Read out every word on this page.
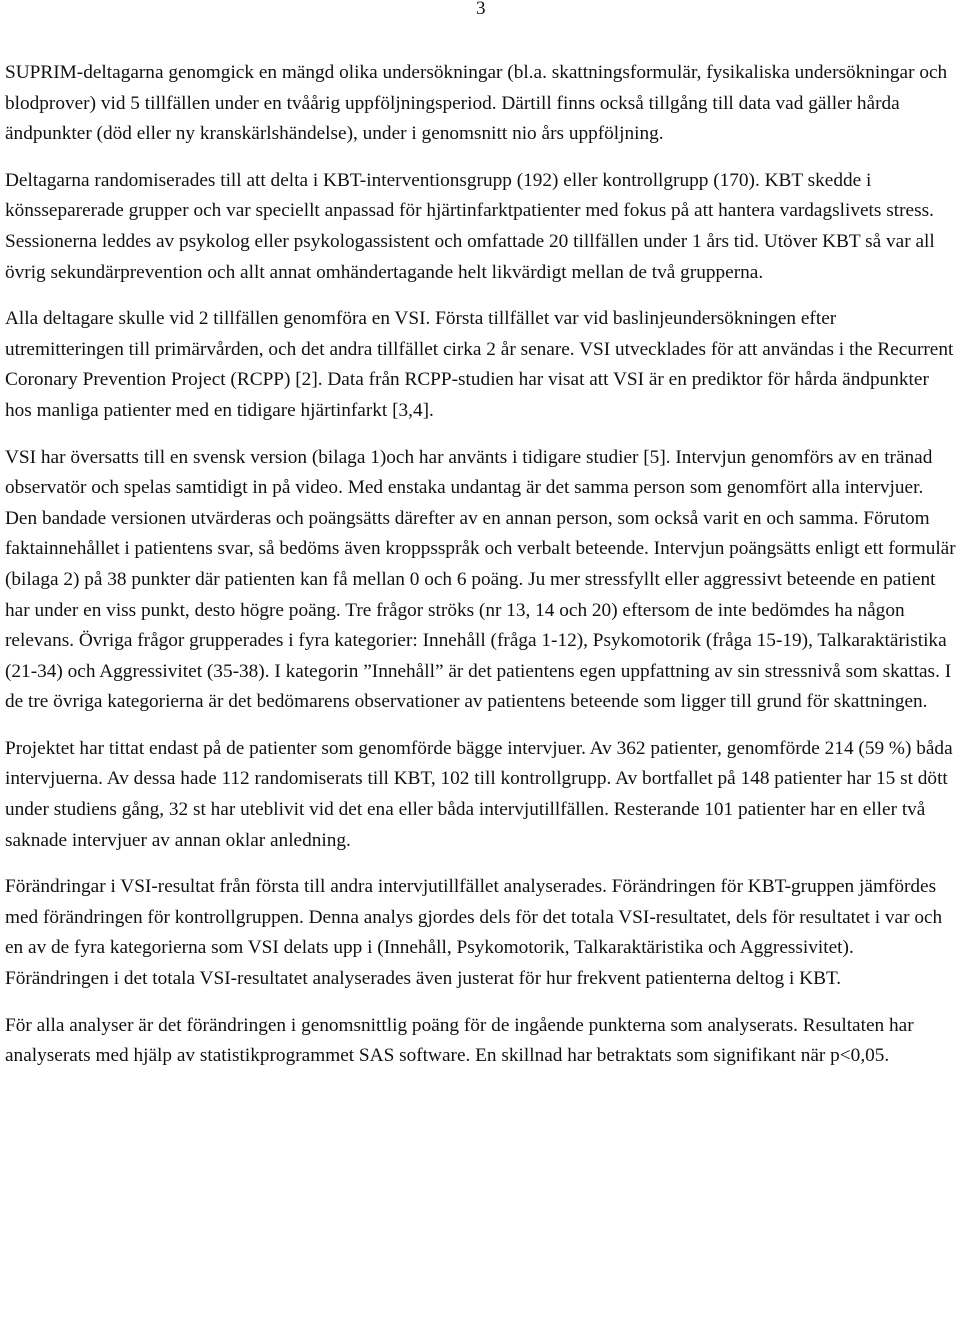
3

SUPRIM-deltagarna genomgick en mängd olika undersökningar (bl.a. skattningsformulär, fysikaliska undersökningar och blodprover) vid 5 tillfällen under en tvåårig uppföljningsperiod. Därtill finns också tillgång till data vad gäller hårda ändpunkter (död eller ny kranskärlshändelse), under i genomsnitt nio års uppföljning.

Deltagarna randomiserades till att delta i KBT-interventionsgrupp (192) eller kontrollgrupp (170). KBT skedde i könsseparerade grupper och var speciellt anpassad för hjärtinfarktpatienter med fokus på att hantera vardagslivets stress. Sessionerna leddes av psykolog eller psykologassistent och omfattade 20 tillfällen under 1 års tid. Utöver KBT så var all övrig sekundärprevention och allt annat omhändertagande helt likvärdigt mellan de två grupperna.

Alla deltagare skulle vid 2 tillfällen genomföra en VSI. Första tillfället var vid baslinjeundersökningen efter utremitteringen till primärvården, och det andra tillfället cirka 2 år senare. VSI utvecklades för att användas i the Recurrent Coronary Prevention Project (RCPP) [2]. Data från RCPP-studien har visat att VSI är en prediktor för hårda ändpunkter hos manliga patienter med en tidigare hjärtinfarkt [3,4].

VSI har översatts till en svensk version (bilaga 1)och har använts i tidigare studier [5]. Intervjun genomförs av en tränad observatör och spelas samtidigt in på video. Med enstaka undantag är det samma person som genomfört alla intervjuer. Den bandade versionen utvärderas och poängsätts därefter av en annan person, som också varit en och samma. Förutom faktainnehållet i patientens svar, så bedöms även kroppsspråk och verbalt beteende. Intervjun poängsätts enligt ett formulär (bilaga 2) på 38 punkter där patienten kan få mellan 0 och 6 poäng. Ju mer stressfyllt eller aggressivt beteende en patient har under en viss punkt, desto högre poäng. Tre frågor ströks (nr 13, 14 och 20) eftersom de inte bedömdes ha någon relevans. Övriga frågor grupperades i fyra kategorier: Innehåll (fråga 1-12), Psykomotorik (fråga 15-19), Talkaraktäristika (21-34) och Aggressivitet (35-38). I kategorin ”Innehåll” är det patientens egen uppfattning av sin stressnivå som skattas. I de tre övriga kategorierna är det bedömarens observationer av patientens beteende som ligger till grund för skattningen.

Projektet har tittat endast på de patienter som genomförde bägge intervjuer. Av 362 patienter, genomförde 214 (59 %) båda intervjuerna. Av dessa hade 112 randomiserats till KBT, 102 till kontrollgrupp. Av bortfallet på 148 patienter har 15 st dött under studiens gång, 32 st har uteblivit vid det ena eller båda intervjutillfällen. Resterande 101 patienter har en eller två saknade intervjuer av annan oklar anledning.

Förändringar i VSI-resultat från första till andra intervjutillfället analyserades. Förändringen för KBT-gruppen jämfördes med förändringen för kontrollgruppen. Denna analys gjordes dels för det totala VSI-resultatet, dels för resultatet i var och en av de fyra kategorierna som VSI delats upp i (Innehåll, Psykomotorik, Talkaraktäristika och Aggressivitet). Förändringen i det totala VSI-resultatet analyserades även justerat för hur frekvent patienterna deltog i KBT.

För alla analyser är det förändringen i genomsnittlig poäng för de ingående punkterna som analyserats. Resultaten har analyserats med hjälp av statistikprogrammet SAS software. En skillnad har betraktats som signifikant när p<0,05.
